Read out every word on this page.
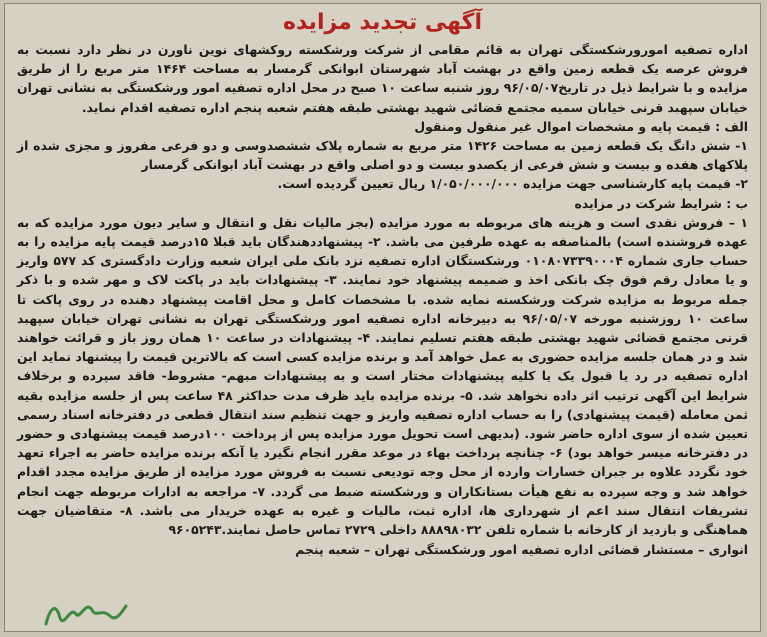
آگهی تجدید مزایده

اداره تصفیه امورورشکستگی تهران به قائم مقامی از شرکت ورشکسته روکشهای نوین ناورن در نظر دارد نسبت به فروش عرصه یک قطعه زمین واقع در بهشت آباد شهرستان ابوانکی گرمسار به مساحت ۱۴۶۴ متر مربع را از طریق مزایده و با شرایط ذیل در تاریخ۹۶/۰۵/۰۷ روز شنبه ساعت ۱۰ صبح در محل اداره تصفیه امور ورشکستگی به نشانی تهران خیابان سپهبد قرنی خیابان سمیه مجتمع قضائی شهید بهشتی طبقه هفتم شعبه پنجم اداره تصفیه اقدام نماید.

الف : قیمت پایه و مشخصات اموال غیر منقول ومنقول

۱- شش دانگ یک قطعه زمین به مساحت ۱۴۲۶ متر مربع به شماره پلاک ششصدوسی و دو فرعی مفروز و مجزی شده از پلاکهای هفده و بیست و شش فرعی از یکصدو بیست و دو اصلی واقع در بهشت آباد ابوانکی گرمسار

۲- قیمت پایه کارشناسی جهت مزایده ۱/۰۵۰/۰۰۰/۰۰۰ ریال تعیین گردیده است.

ب : شرایط شرکت در مزایده

۱ – فروش نقدی است و هزینه های مربوطه به مورد مزایده (بجز مالیات نقل و انتقال و سایر دیون مورد مزایده که به عهده فروشنده است) بالمناصفه به عهده طرفین می باشد. ۲- پیشنهاددهندگان باید قبلا ۱۵درصد قیمت پایه مزایده را به حساب جاری شماره ۰۱۰۸۰۷۳۳۹۰۰۰۴ ورشکستگان اداره تصفیه نزد بانک ملی ایران شعبه وزارت دادگستری کد ۵۷۷ واریز و یا معادل رقم فوق چک بانکی اخذ و ضمیمه پیشنهاد خود نمایند. ۳- پیشنهادات باید در پاکت لاک و مهر شده و با ذکر جمله مربوط به مزایده شرکت ورشکسته نمایه شده. با مشخصات کامل و محل اقامت پیشنهاد دهنده در روی پاکت تا ساعت ۱۰ روزشنبه مورخه ۹۶/۰۵/۰۷ به دبیرخانه اداره تصفیه امور ورشکستگی تهران به نشانی تهران خیابان سپهبد قرنی مجتمع قضائی شهید بهشتی طبقه هفتم تسلیم نمایند. ۴- پیشنهادات در ساعت ۱۰ همان روز باز و قرائت خواهند شد و در همان جلسه مزایده حضوری به عمل خواهد آمد و برنده مزایده کسی است که بالاترین قیمت را پیشنهاد نماید این اداره تصفیه در رد یا قبول یک یا کلیه پیشنهادات مختار است و به پیشنهادات مبهم- مشروط- فاقد سپرده و برخلاف شرایط این آگهی ترتیب اثر داده نخواهد شد. ۵- برنده مزایده باید ظرف مدت حداکثر ۴۸ ساعت پس از جلسه مزایده بقیه ثمن معامله (قیمت پیشنهادی) را به حساب اداره تصفیه واریز و جهت تنظیم سند انتقال قطعی در دفترخانه اسناد رسمی تعیین شده از سوی اداره حاضر شود. (بدیهی است تحویل مورد مزایده پس از پرداخت ۱۰۰درصد قیمت پیشنهادی و حضور در دفترخانه میسر خواهد بود) ۶- چنانچه پرداخت بهاء در موعد مقرر انجام نگیرد یا آنکه برنده مزایده حاضر به اجراء تعهد خود نگردد علاوه بر جبران خسارات وارده از محل وجه تودیعی نسبت به فروش مورد مزایده از طریق مزایده مجدد اقدام خواهد شد و وجه سپرده به نفع هیأت بستانکاران و ورشکسته ضبط می گردد. ۷- مراجعه به ادارات مربوطه جهت انجام تشریفات انتقال سند اعم از شهرداری ها، اداره ثبت، مالیات و غیره به عهده خریدار می باشد. ۸- متقاضیان جهت هماهنگی و بازدید از کارخانه با شماره تلفن ۸۸۸۹۸۰۳۲ داخلی ۲۷۲۹ تماس حاصل نمایند.۹۶۰۵۲۴۳

انواری – مستشار قضائی اداره تصفیه امور ورشکستگی تهران – شعبه پنجم
